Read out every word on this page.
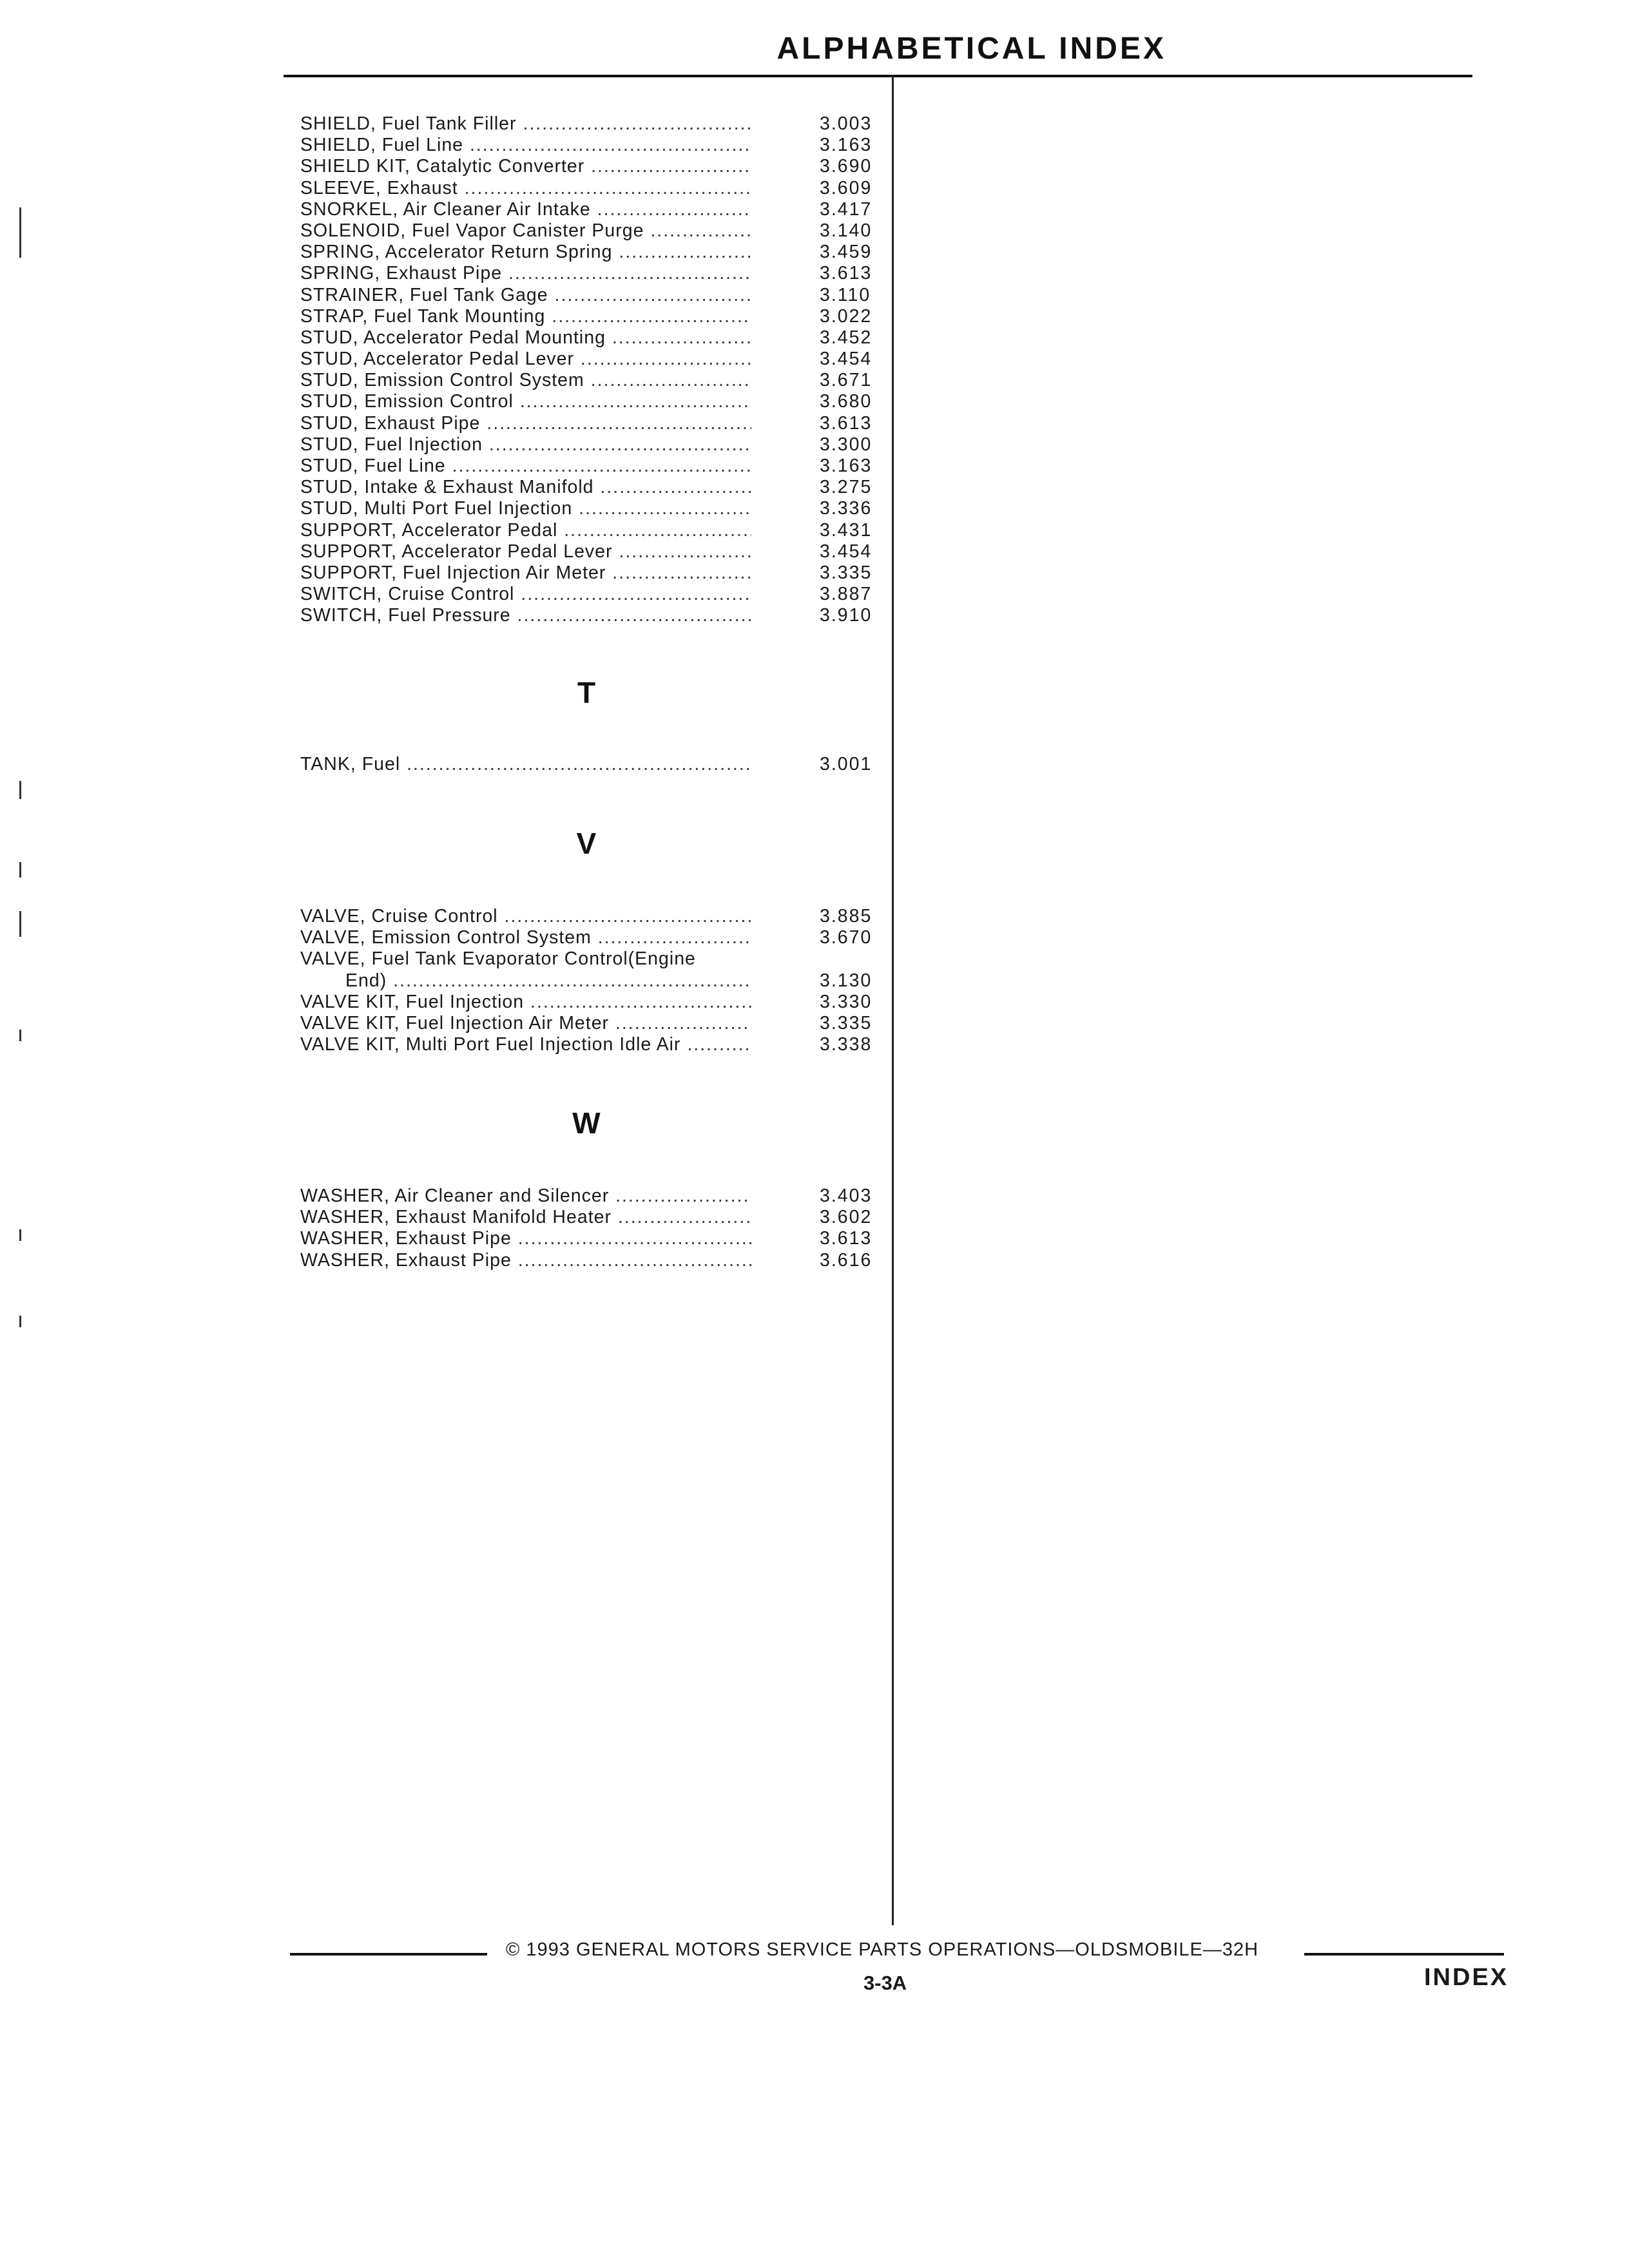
ALPHABETICAL INDEX
SHIELD, Fuel Tank Filler .....	3.003
SHIELD, Fuel Line .....	3.163
SHIELD KIT, Catalytic Converter .....	3.690
SLEEVE, Exhaust .....	3.609
SNORKEL, Air Cleaner Air Intake .....	3.417
SOLENOID, Fuel Vapor Canister Purge .....	3.140
SPRING, Accelerator Return Spring .....	3.459
SPRING, Exhaust Pipe .....	3.613
STRAINER, Fuel Tank Gage .....	3.110
STRAP, Fuel Tank Mounting .....	3.022
STUD, Accelerator Pedal Mounting .....	3.452
STUD, Accelerator Pedal Lever .....	3.454
STUD, Emission Control System .....	3.671
STUD, Emission Control .....	3.680
STUD, Exhaust Pipe .....	3.613
STUD, Fuel Injection .....	3.300
STUD, Fuel Line .....	3.163
STUD, Intake & Exhaust Manifold .....	3.275
STUD, Multi Port Fuel Injection .....	3.336
SUPPORT, Accelerator Pedal .....	3.431
SUPPORT, Accelerator Pedal Lever .....	3.454
SUPPORT, Fuel Injection Air Meter .....	3.335
SWITCH, Cruise Control .....	3.887
SWITCH, Fuel Pressure .....	3.910
T
TANK, Fuel .....	3.001
V
VALVE, Cruise Control .....	3.885
VALVE, Emission Control System .....	3.670
VALVE, Fuel Tank Evaporator Control(Engine
End) .....	3.130
VALVE KIT, Fuel Injection .....	3.330
VALVE KIT, Fuel Injection Air Meter .....	3.335
VALVE KIT, Multi Port Fuel Injection Idle Air .....	3.338
W
WASHER, Air Cleaner and Silencer .....	3.403
WASHER, Exhaust Manifold Heater .....	3.602
WASHER, Exhaust Pipe .....	3.613
WASHER, Exhaust Pipe .....	3.616
© 1993 GENERAL MOTORS SERVICE PARTS OPERATIONS—OLDSMOBILE—32H
3-3A	INDEX
